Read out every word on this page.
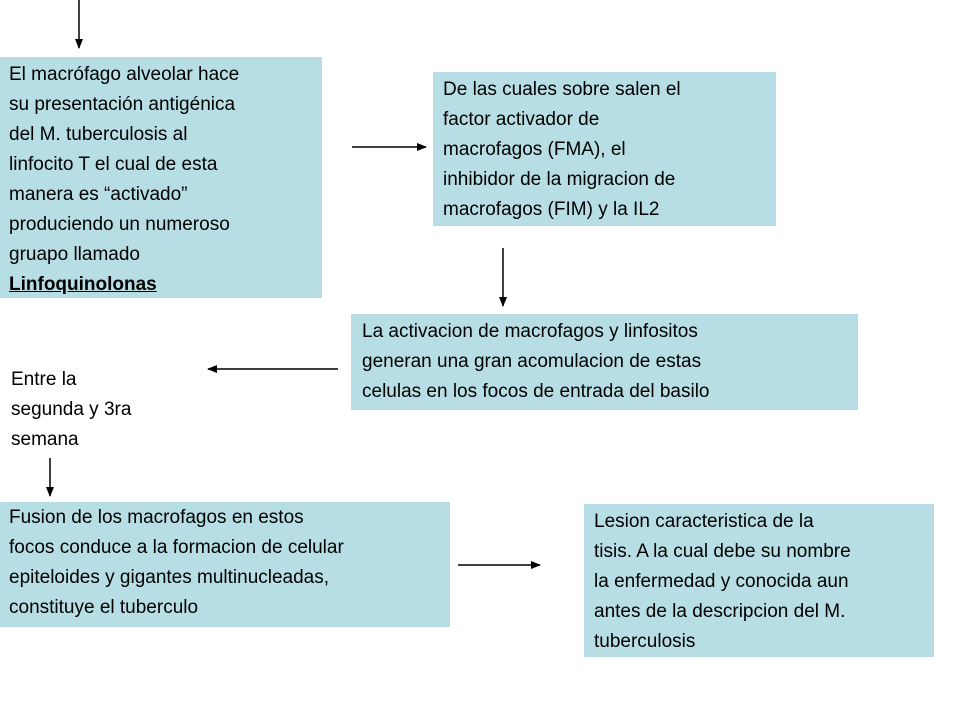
El macrófago alveolar hace
su presentación antigénica
del M. tuberculosis al
linfocito T el cual de esta
manera es “activado”
produciendo un numeroso
gruapo llamado
Linfoquinolonas
De las cuales sobre salen el
factor activador de
macrofagos (FMA), el
inhibidor de la migracion de
macrofagos (FIM) y la IL2
La activacion de macrofagos y linfositos
generan una gran acomulacion de estas
celulas en los focos de entrada del basilo
Entre la
segunda y 3ra
semana
Fusion de los macrofagos en estos
focos conduce a la formacion de celular
epiteloides y gigantes multinucleadas,
constituye el tuberculo
Lesion caracteristica de la
tisis. A la cual debe su nombre
la enfermedad y conocida aun
antes de la descripcion del M.
tuberculosis
